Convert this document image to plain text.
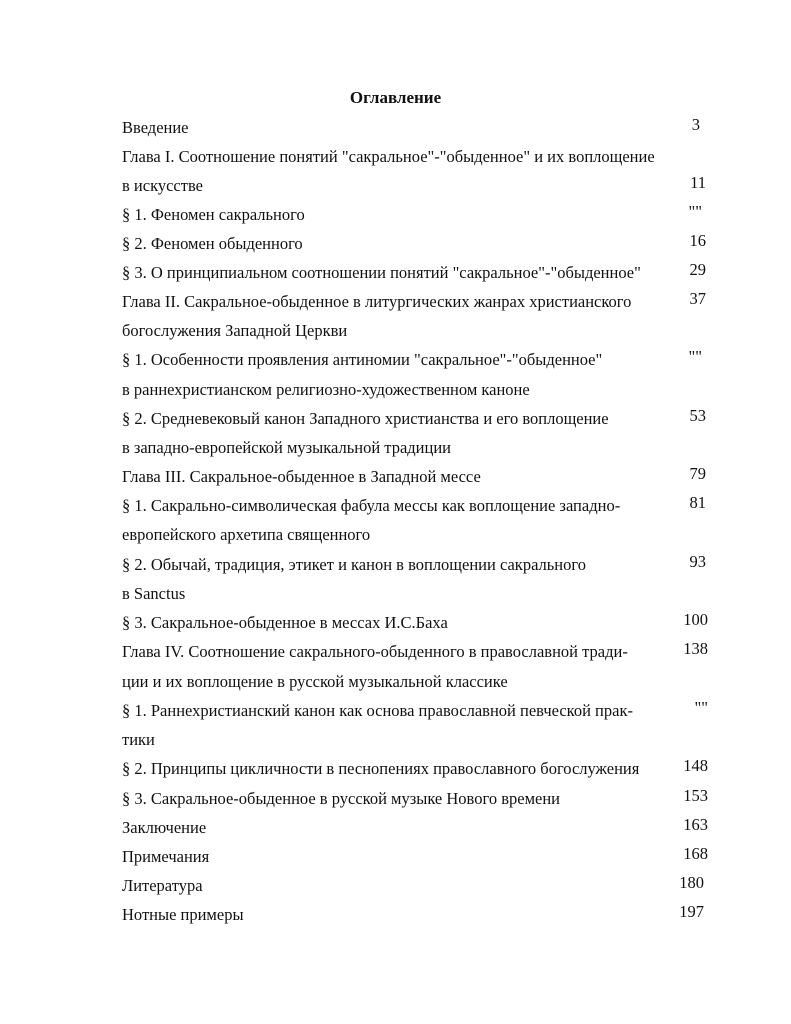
Оглавление
Введение	3
Глава I. Соотношение понятий "сакральное"-"обыденное" и их воплощение
в искусстве	11
§ 1. Феномен сакрального	""
§ 2. Феномен обыденного	16
§ 3. О принципиальном соотношении понятий "сакральное"-"обыденное"	29
Глава II. Сакральное-обыденное в литургических жанрах христианского	37
богослужения Западной Церкви
§ 1. Особенности проявления антиномии "сакральное"-"обыденное"	""
в раннехристианском религиозно-художественном каноне
§ 2. Средневековый канон Западного христианства и его воплощение	53
в западно-европейской музыкальной традиции
Глава III. Сакральное-обыденное в Западной мессе	79
§ 1. Сакрально-символическая фабула мессы как воплощение западно-	81
европейского архетипа священного
§ 2. Обычай, традиция, этикет и канон в воплощении сакрального	93
в Sanctus
§ 3. Сакральное-обыденное в мессах И.С.Баха	100
Глава IV. Соотношение сакрального-обыденного в православной тради-	138
ции и их воплощение в русской музыкальной классике
§ 1. Раннехристианский канон как основа православной певческой прак-	""
тики
§ 2. Принципы цикличности в песнопениях православного богослужения	148
§ 3. Сакральное-обыденное в русской музыке Нового времени	153
Заключение	163
Примечания	168
Литература	180
Нотные примеры	197
